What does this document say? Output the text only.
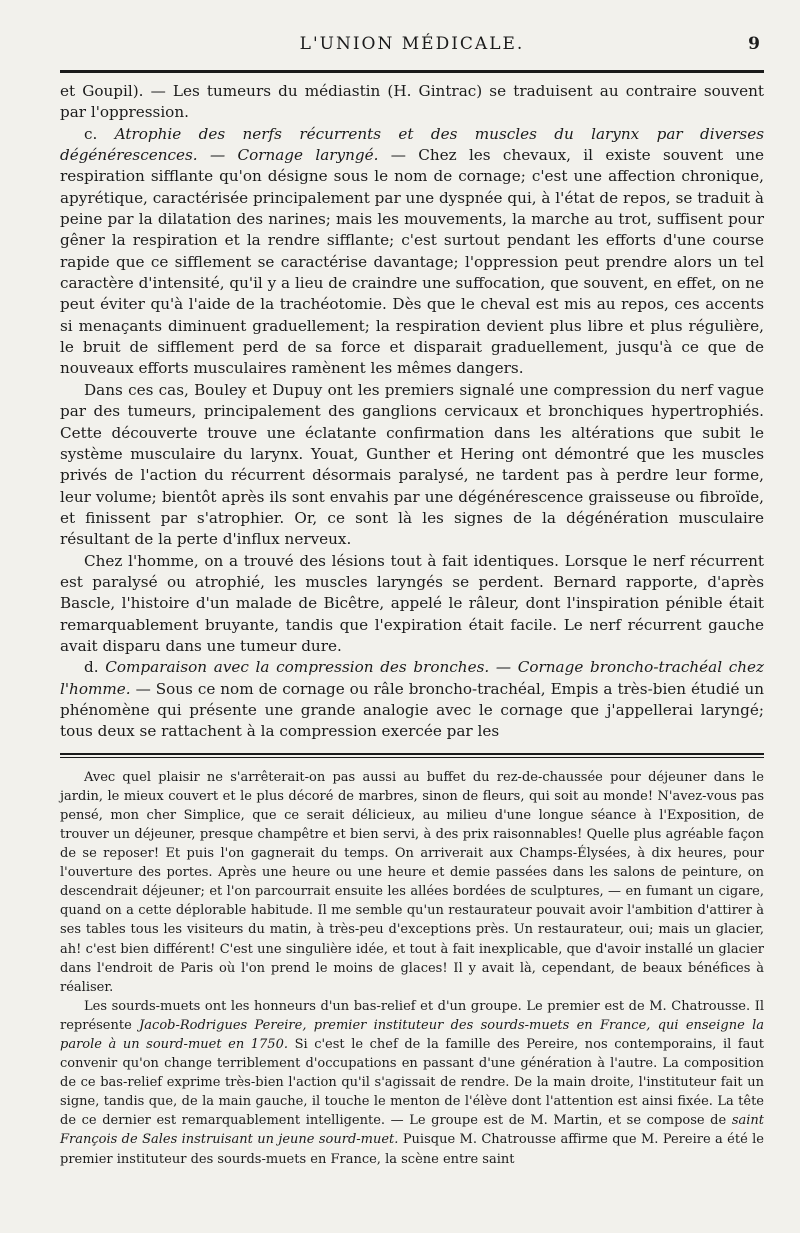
L'UNION MÉDICALE.	9

et Goupil). — Les tumeurs du médiastin (H. Gintrac) se traduisent au contraire souvent par l'oppression.

c. Atrophie des nerfs récurrents et des muscles du larynx par diverses dégénérescences. — Cornage laryngé. — Chez les chevaux, il existe souvent une respiration sifflante qu'on désigne sous le nom de cornage; c'est une affection chronique, apyrétique, caractérisée principalement par une dyspnée qui, à l'état de repos, se traduit à peine par la dilatation des narines; mais les mouvements, la marche au trot, suffisent pour gêner la respiration et la rendre sifflante; c'est surtout pendant les efforts d'une course rapide que ce sifflement se caractérise davantage; l'oppression peut prendre alors un tel caractère d'intensité, qu'il y a lieu de craindre une suffocation, que souvent, en effet, on ne peut éviter qu'à l'aide de la trachéotomie. Dès que le cheval est mis au repos, ces accents si menaçants diminuent graduellement; la respiration devient plus libre et plus régulière, le bruit de sifflement perd de sa force et disparait graduellement, jusqu'à ce que de nouveaux efforts musculaires ramènent les mêmes dangers.

Dans ces cas, Bouley et Dupuy ont les premiers signalé une compression du nerf vague par des tumeurs, principalement des ganglions cervicaux et bronchiques hypertrophiés. Cette découverte trouve une éclatante confirmation dans les altérations que subit le système musculaire du larynx. Youat, Gunther et Hering ont démontré que les muscles privés de l'action du récurrent désormais paralysé, ne tardent pas à perdre leur forme, leur volume; bientôt après ils sont envahis par une dégénérescence graisseuse ou fibroïde, et finissent par s'atrophier. Or, ce sont là les signes de la dégénération musculaire résultant de la perte d'influx nerveux.

Chez l'homme, on a trouvé des lésions tout à fait identiques. Lorsque le nerf récurrent est paralysé ou atrophié, les muscles laryngés se perdent. Bernard rapporte, d'après Bascle, l'histoire d'un malade de Bicêtre, appelé le râleur, dont l'inspiration pénible était remarquablement bruyante, tandis que l'expiration était facile. Le nerf récurrent gauche avait disparu dans une tumeur dure.

d. Comparaison avec la compression des bronches. — Cornage broncho-trachéal chez l'homme. — Sous ce nom de cornage ou râle broncho-trachéal, Empis a très-bien étudié un phénomène qui présente une grande analogie avec le cornage que j'appellerai laryngé; tous deux se rattachent à la compression exercée par les

Avec quel plaisir ne s'arrêterait-on pas aussi au buffet du rez-de-chaussée pour déjeuner dans le jardin, le mieux couvert et le plus décoré de marbres, sinon de fleurs, qui soit au monde! N'avez-vous pas pensé, mon cher Simplice, que ce serait délicieux, au milieu d'une longue séance à l'Exposition, de trouver un déjeuner, presque champêtre et bien servi, à des prix raisonnables! Quelle plus agréable façon de se reposer! Et puis l'on gagnerait du temps. On arriverait aux Champs-Élysées, à dix heures, pour l'ouverture des portes. Après une heure ou une heure et demie passées dans les salons de peinture, on descendrait déjeuner; et l'on parcourrait ensuite les allées bordées de sculptures, — en fumant un cigare, quand on a cette déplorable habitude. Il me semble qu'un restaurateur pouvait avoir l'ambition d'attirer à ses tables tous les visiteurs du matin, à très-peu d'exceptions près. Un restaurateur, oui; mais un glacier, ah! c'est bien différent! C'est une singulière idée, et tout à fait inexplicable, que d'avoir installé un glacier dans l'endroit de Paris où l'on prend le moins de glaces! Il y avait là, cependant, de beaux bénéfices à réaliser.

Les sourds-muets ont les honneurs d'un bas-relief et d'un groupe. Le premier est de M. Chatrousse. Il représente Jacob-Rodrigues Pereire, premier instituteur des sourds-muets en France, qui enseigne la parole à un sourd-muet en 1750. Si c'est le chef de la famille des Pereire, nos contemporains, il faut convenir qu'on change terriblement d'occupations en passant d'une génération à l'autre. La composition de ce bas-relief exprime très-bien l'action qu'il s'agissait de rendre. De la main droite, l'instituteur fait un signe, tandis que, de la main gauche, il touche le menton de l'élève dont l'attention est ainsi fixée. La tête de ce dernier est remarquablement intelligente. — Le groupe est de M. Martin, et se compose de saint François de Sales instruisant un jeune sourd-muet. Puisque M. Chatrousse affirme que M. Pereire a été le premier instituteur des sourds-muets en France, la scène entre saint
